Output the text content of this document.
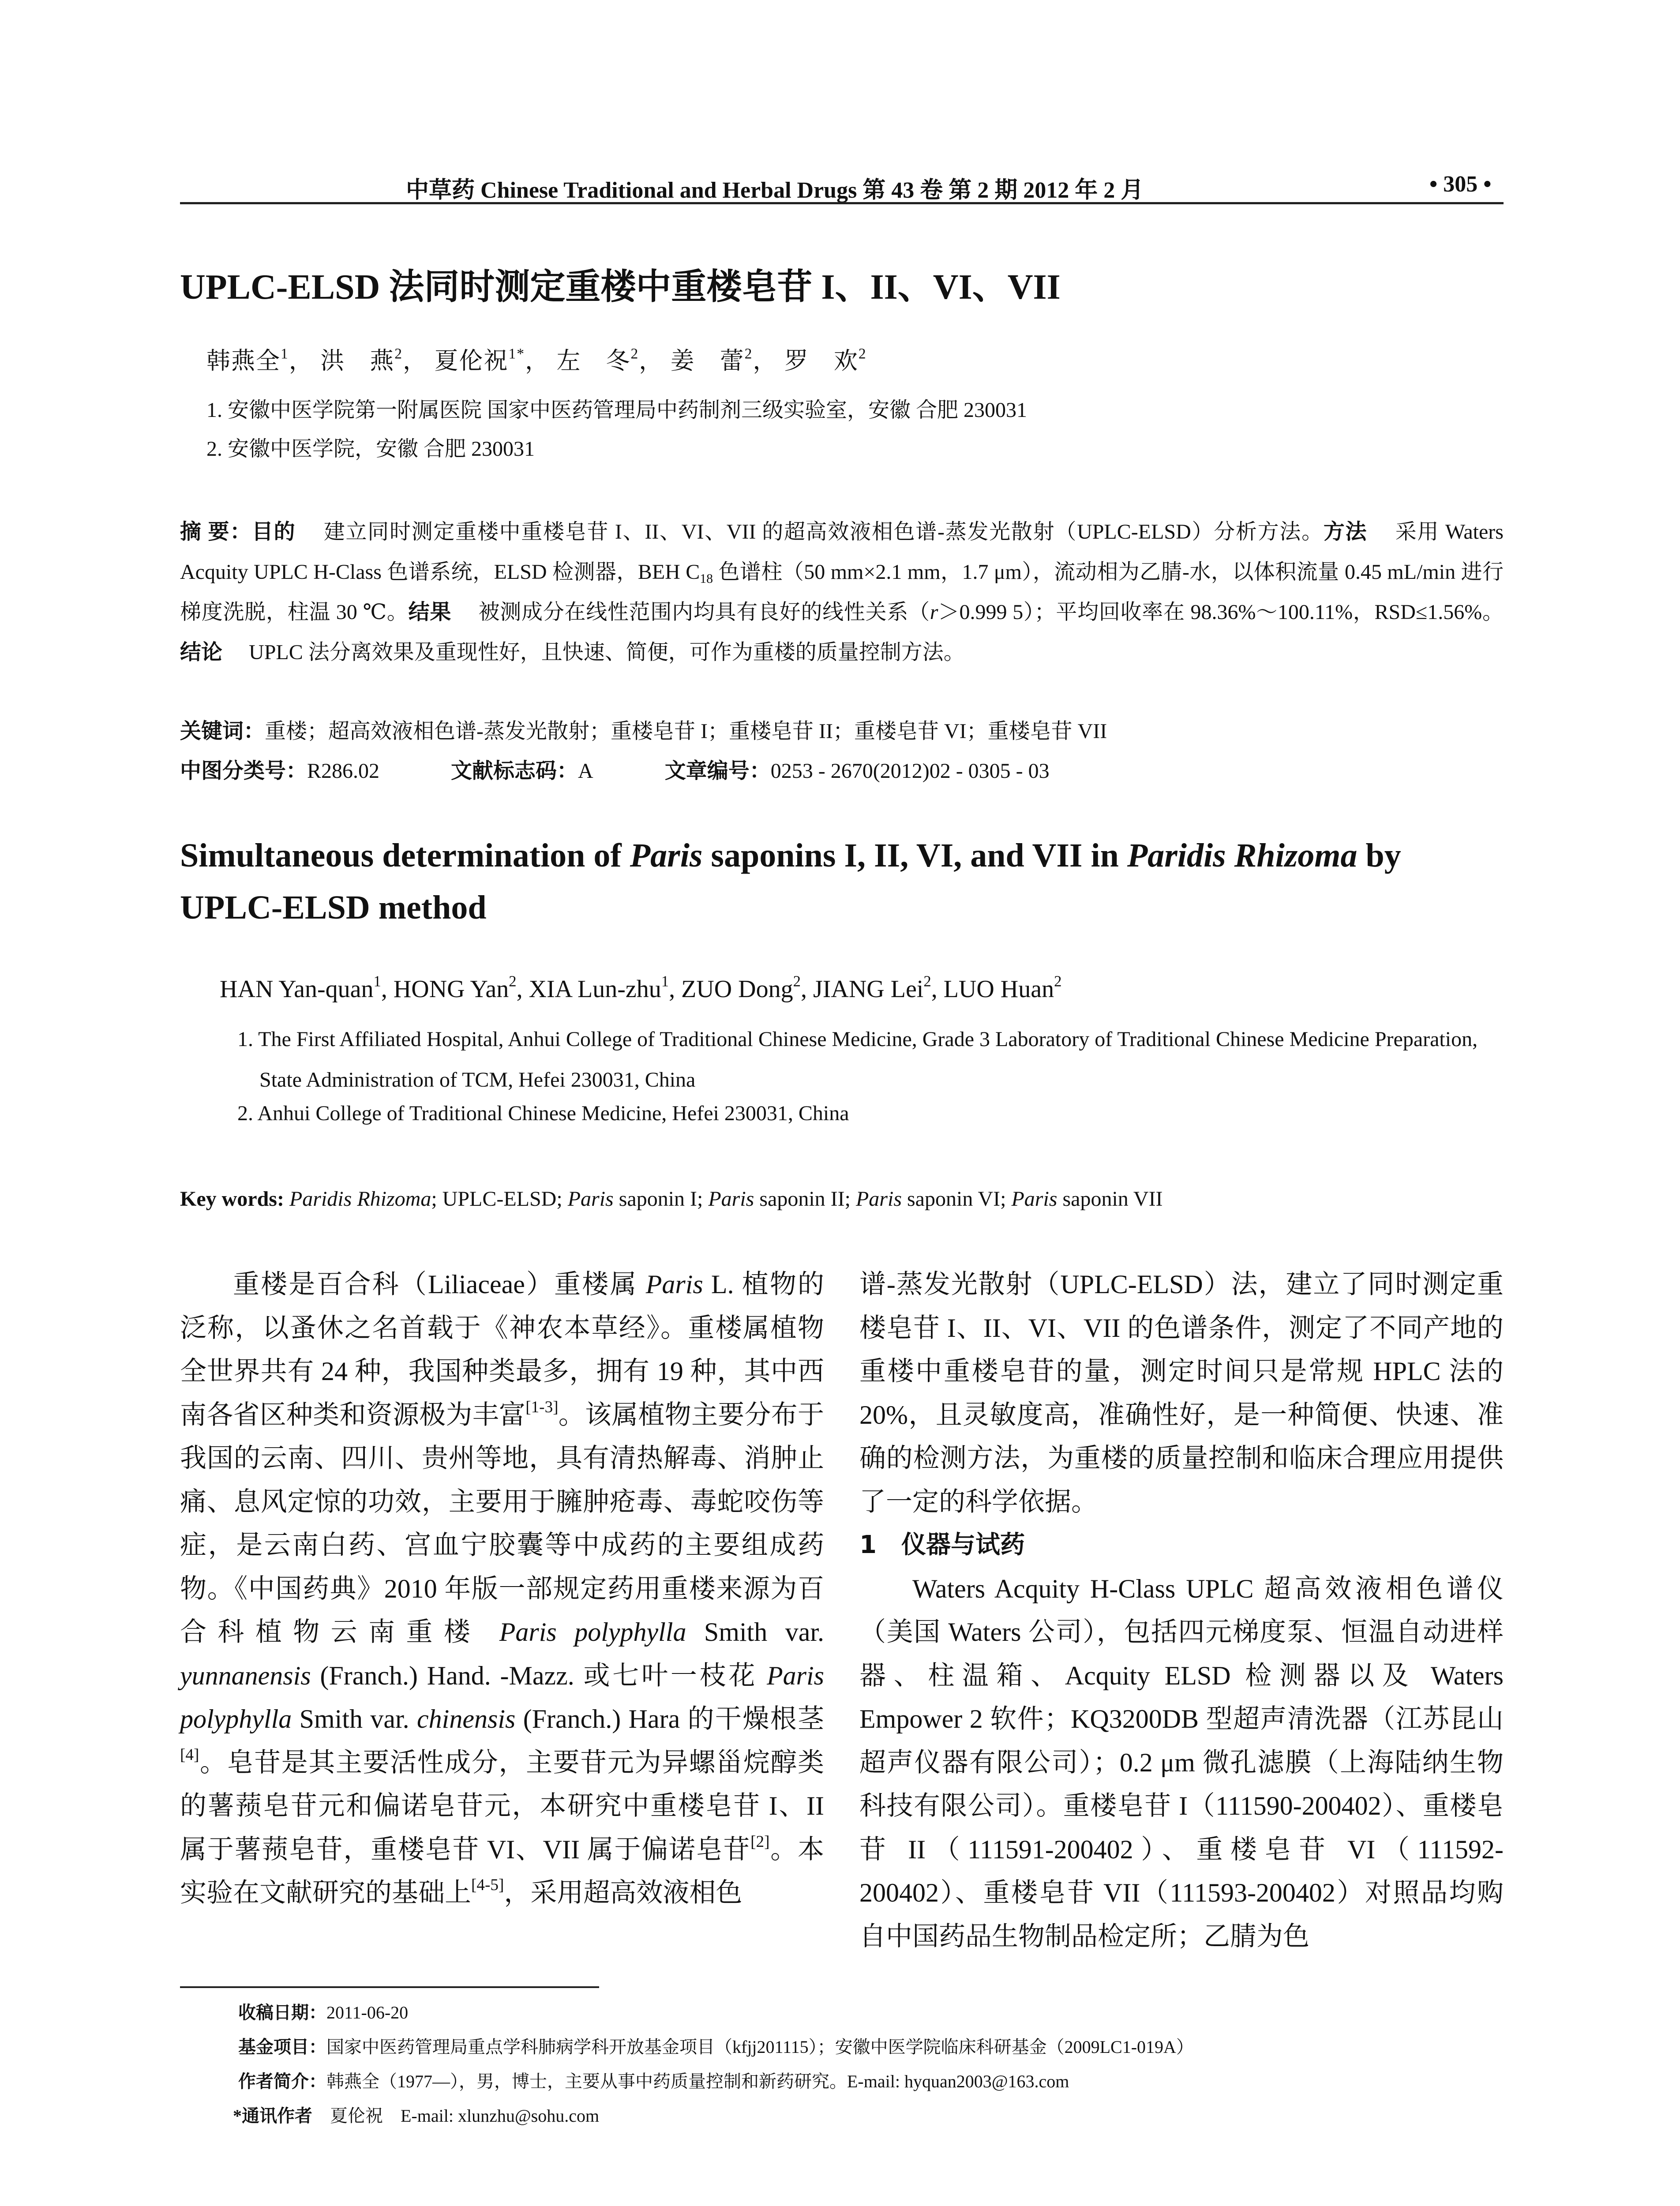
中草药 Chinese Traditional and Herbal Drugs 第 43 卷 第 2 期 2012 年 2 月	• 305 •
UPLC-ELSD 法同时测定重楼中重楼皂苷 I、II、VI、VII
韩燕全$^1$， 洪　燕$^2$， 夏伦祝$^{1*}$， 左　冬$^2$， 姜　蕾$^2$， 罗　欢$^2$
1. 安徽中医学院第一附属医院 国家中医药管理局中药制剂三级实验室，安徽 合肥 230031
2. 安徽中医学院，安徽 合肥 230031
摘 要：目的　 建立同时测定重楼中重楼皂苷 I、II、VI、VII 的超高效液相色谱-蒸发光散射（UPLC-ELSD）分析方法。方法　 采用 Waters Acquity UPLC H-Class 色谱系统，ELSD 检测器，BEH $C_{18}$ 色谱柱（50 mm×2.1 mm，1.7 μm），流动相为乙腈-水，以体积流量 0.45 mL/min 进行梯度洗脱，柱温 30 ℃。结果　 被测成分在线性范围内均具有良好的线性关系（r＞0.999 5）；平均回收率在 98.36%～100.11%，RSD≤1.56%。结论　 UPLC 法分离效果及重现性好，且快速、简便，可作为重楼的质量控制方法。
关键词：重楼；超高效液相色谱-蒸发光散射；重楼皂苷 I；重楼皂苷 II；重楼皂苷 VI；重楼皂苷 VII
中图分类号：R286.02	文献标志码：A	文章编号：0253 - 2670(2012)02 - 0305 - 03
Simultaneous determination of Paris saponins I, II, VI, and VII in Paridis Rhizoma by UPLC-ELSD method
HAN Yan-quan$^1$, HONG Yan$^2$, XIA Lun-zhu$^1$, ZUO Dong$^2$, JIANG Lei$^2$, LUO Huan$^2$
1. The First Affiliated Hospital, Anhui College of Traditional Chinese Medicine, Grade 3 Laboratory of Traditional Chinese Medicine Preparation, State Administration of TCM, Hefei 230031, China
2. Anhui College of Traditional Chinese Medicine, Hefei 230031, China
Key words: Paridis Rhizoma; UPLC-ELSD; Paris saponin I; Paris saponin II; Paris saponin VI; Paris saponin VII

重楼是百合科（Liliaceae）重楼属 Paris L. 植物的泛称，以蚤休之名首载于《神农本草经》。重楼属植物全世界共有 24 种，我国种类最多，拥有 19 种，其中西南各省区种类和资源极为丰富[1-3]。该属植物主要分布于我国的云南、四川、贵州等地，具有清热解毒、消肿止痛、息风定惊的功效，主要用于臃肿疮毒、毒蛇咬伤等症，是云南白药、宫血宁胶囊等中成药的主要组成药物。《中国药典》2010 年版一部规定药用重楼来源为百合科植物云南重楼 Paris polyphylla Smith var. yunnanensis (Franch.) Hand. -Mazz. 或七叶一枝花 Paris polyphylla Smith var. chinensis (Franch.) Hara 的干燥根茎[4]。皂苷是其主要活性成分，主要苷元为异螺甾烷醇类的薯蓣皂苷元和偏诺皂苷元，本研究中重楼皂苷 I、II 属于薯蓣皂苷，重楼皂苷 VI、VII 属于偏诺皂苷[2]。本实验在文献研究的基础上[4-5]，采用超高效液相色

谱-蒸发光散射（UPLC-ELSD）法，建立了同时测定重楼皂苷 I、II、VI、VII 的色谱条件，测定了不同产地的重楼中重楼皂苷的量，测定时间只是常规 HPLC 法的 20%，且灵敏度高，准确性好，是一种简便、快速、准确的检测方法，为重楼的质量控制和临床合理应用提供了一定的科学依据。

1　仪器与试药

Waters Acquity H-Class UPLC 超高效液相色谱仪（美国 Waters 公司），包括四元梯度泵、恒温自动进样器、柱温箱、Acquity ELSD 检测器以及 Waters Empower 2 软件；KQ3200DB 型超声清洗器（江苏昆山超声仪器有限公司）；0.2 μm 微孔滤膜（上海陆纳生物科技有限公司）。重楼皂苷 I（111590-200402）、重楼皂苷 II（111591-200402）、重楼皂苷 VI（111592-200402）、重楼皂苷 VII（111593-200402）对照品均购自中国药品生物制品检定所；乙腈为色

收稿日期：2011-06-20
基金项目：国家中医药管理局重点学科肺病学科开放基金项目（kfjj201115）；安徽中医学院临床科研基金（2009LC1-019A）
作者简介：韩燕全（1977—），男，博士，主要从事中药质量控制和新药研究。E-mail: hyquan2003@163.com
*通讯作者　 夏伦祝　E-mail: xlunzhu@sohu.com
